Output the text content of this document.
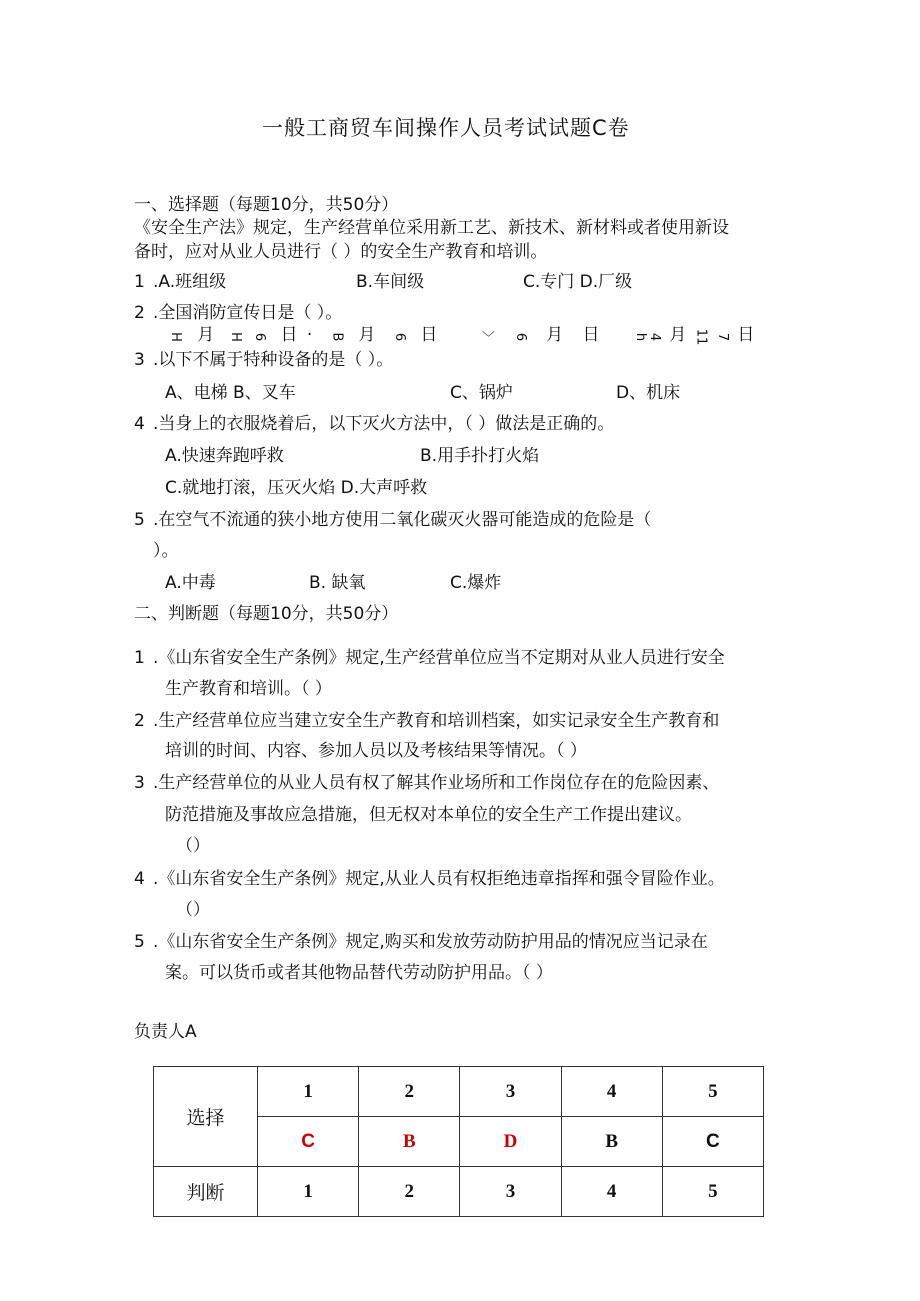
一般工商贸车间操作人员考试试题C卷
一、选择题（每题10分，共50分）
《安全生产法》规定，生产经营单位采用新工艺、新技术、新材料或者使用新设
备时，应对从业人员进行（ ）的安全生产教育和培训。
1 .A.班组级	B.车间级	C.专门 D.厂级
2 .全国消防宣传日是（ ）。
H 月 H 6 日 · B 月 6 日	〉 6 月 日	h 4 月 11 7 日
3 .以下不属于特种设备的是（ ）。
A、电梯 B、叉车	C、锅炉	D、机床
4 .当身上的衣服烧着后，以下灭火方法中，（ ）做法是正确的。
A.快速奔跑呼救	B.用手扑打火焰
C.就地打滚，压灭火焰 D.大声呼救
5 .在空气不流通的狭小地方使用二氧化碳灭火器可能造成的危险是（
）。
A.中毒	B. 缺氧	C.爆炸
二、判断题（每题10分，共50分）
1 .《山东省安全生产条例》规定,生产经营单位应当不定期对从业人员进行安全
生产教育和培训。（ ）
2 .生产经营单位应当建立安全生产教育和培训档案，如实记录安全生产教育和
培训的时间、内容、参加人员以及考核结果等情况。（ ）
3 .生产经营单位的从业人员有权了解其作业场所和工作岗位存在的危险因素、
防范措施及事故应急措施，但无权对本单位的安全生产工作提出建议。
（）
4 .《山东省安全生产条例》规定,从业人员有权拒绝违章指挥和强令冒险作业。
（）
5 .《山东省安全生产条例》规定,购买和发放劳动防护用品的情况应当记录在
案。可以货币或者其他物品替代劳动防护用品。（ ）
负责人A
选择	1	2	3	4	5
	C	B	D	B	C
判断	1	2	3	4	5
